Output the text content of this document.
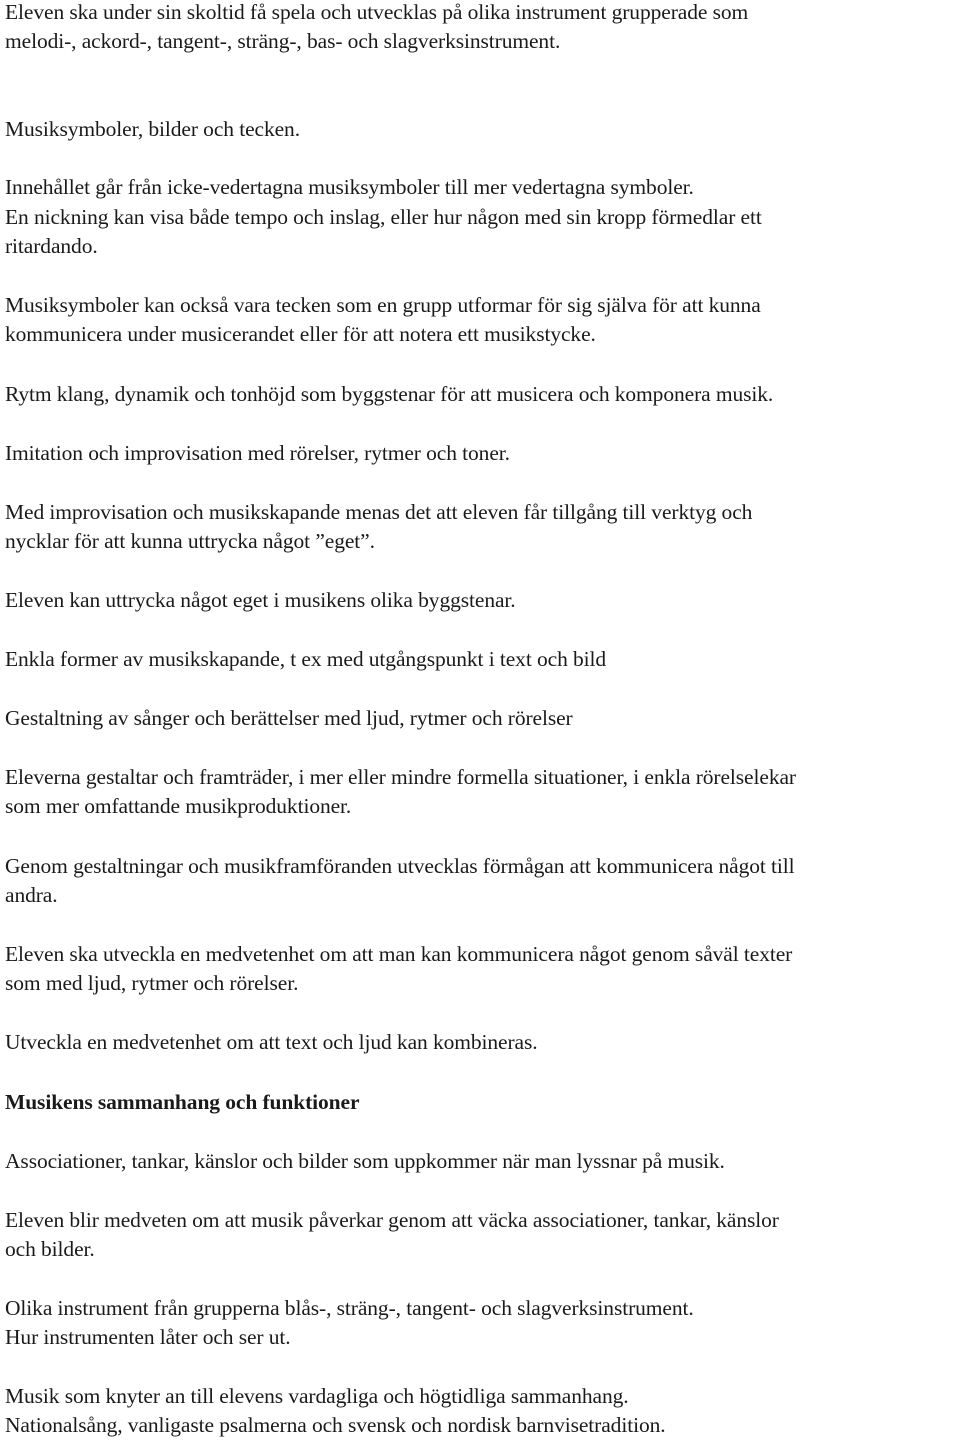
Eleven ska under sin skoltid få spela och utvecklas på olika instrument grupperade som
melodi-, ackord-, tangent-, sträng-, bas- och slagverksinstrument.
Musiksymboler, bilder och tecken.
Innehållet går från icke-vedertagna musiksymboler till mer vedertagna symboler.
En nickning kan visa både tempo och inslag, eller hur någon med sin kropp förmedlar ett
ritardando.
Musiksymboler kan också vara tecken som en grupp utformar för sig själva för att kunna
kommunicera under musicerandet eller för att notera ett musikstycke.
Rytm klang, dynamik och tonhöjd som byggstenar för att musicera och komponera musik.
Imitation och improvisation med rörelser, rytmer och toner.
Med improvisation och musikskapande menas det att eleven får tillgång till verktyg och
nycklar för att kunna uttrycka något ”eget”.
Eleven kan uttrycka något eget i musikens olika byggstenar.
Enkla former av musikskapande, t ex med utgångspunkt i text och bild
Gestaltning av sånger och berättelser med ljud, rytmer och rörelser
Eleverna gestaltar och framträder, i mer eller mindre formella situationer, i enkla rörelselekar
som mer omfattande musikproduktioner.
Genom gestaltningar och musikframföranden utvecklas förmågan att kommunicera något till
andra.
Eleven ska utveckla en medvetenhet om att man kan kommunicera något genom såväl texter
som med ljud, rytmer och rörelser.
Utveckla en medvetenhet om att text och ljud kan kombineras.
Musikens sammanhang och funktioner
Associationer, tankar, känslor och bilder som uppkommer när man lyssnar på musik.
Eleven blir medveten om att musik påverkar genom att väcka associationer, tankar, känslor
och bilder.
Olika instrument från grupperna blås-, sträng-, tangent- och slagverksinstrument.
Hur instrumenten låter och ser ut.
Musik som knyter an till elevens vardagliga och högtidliga sammanhang.
Nationalsång, vanligaste psalmerna och svensk och nordisk barnvisetradition.
